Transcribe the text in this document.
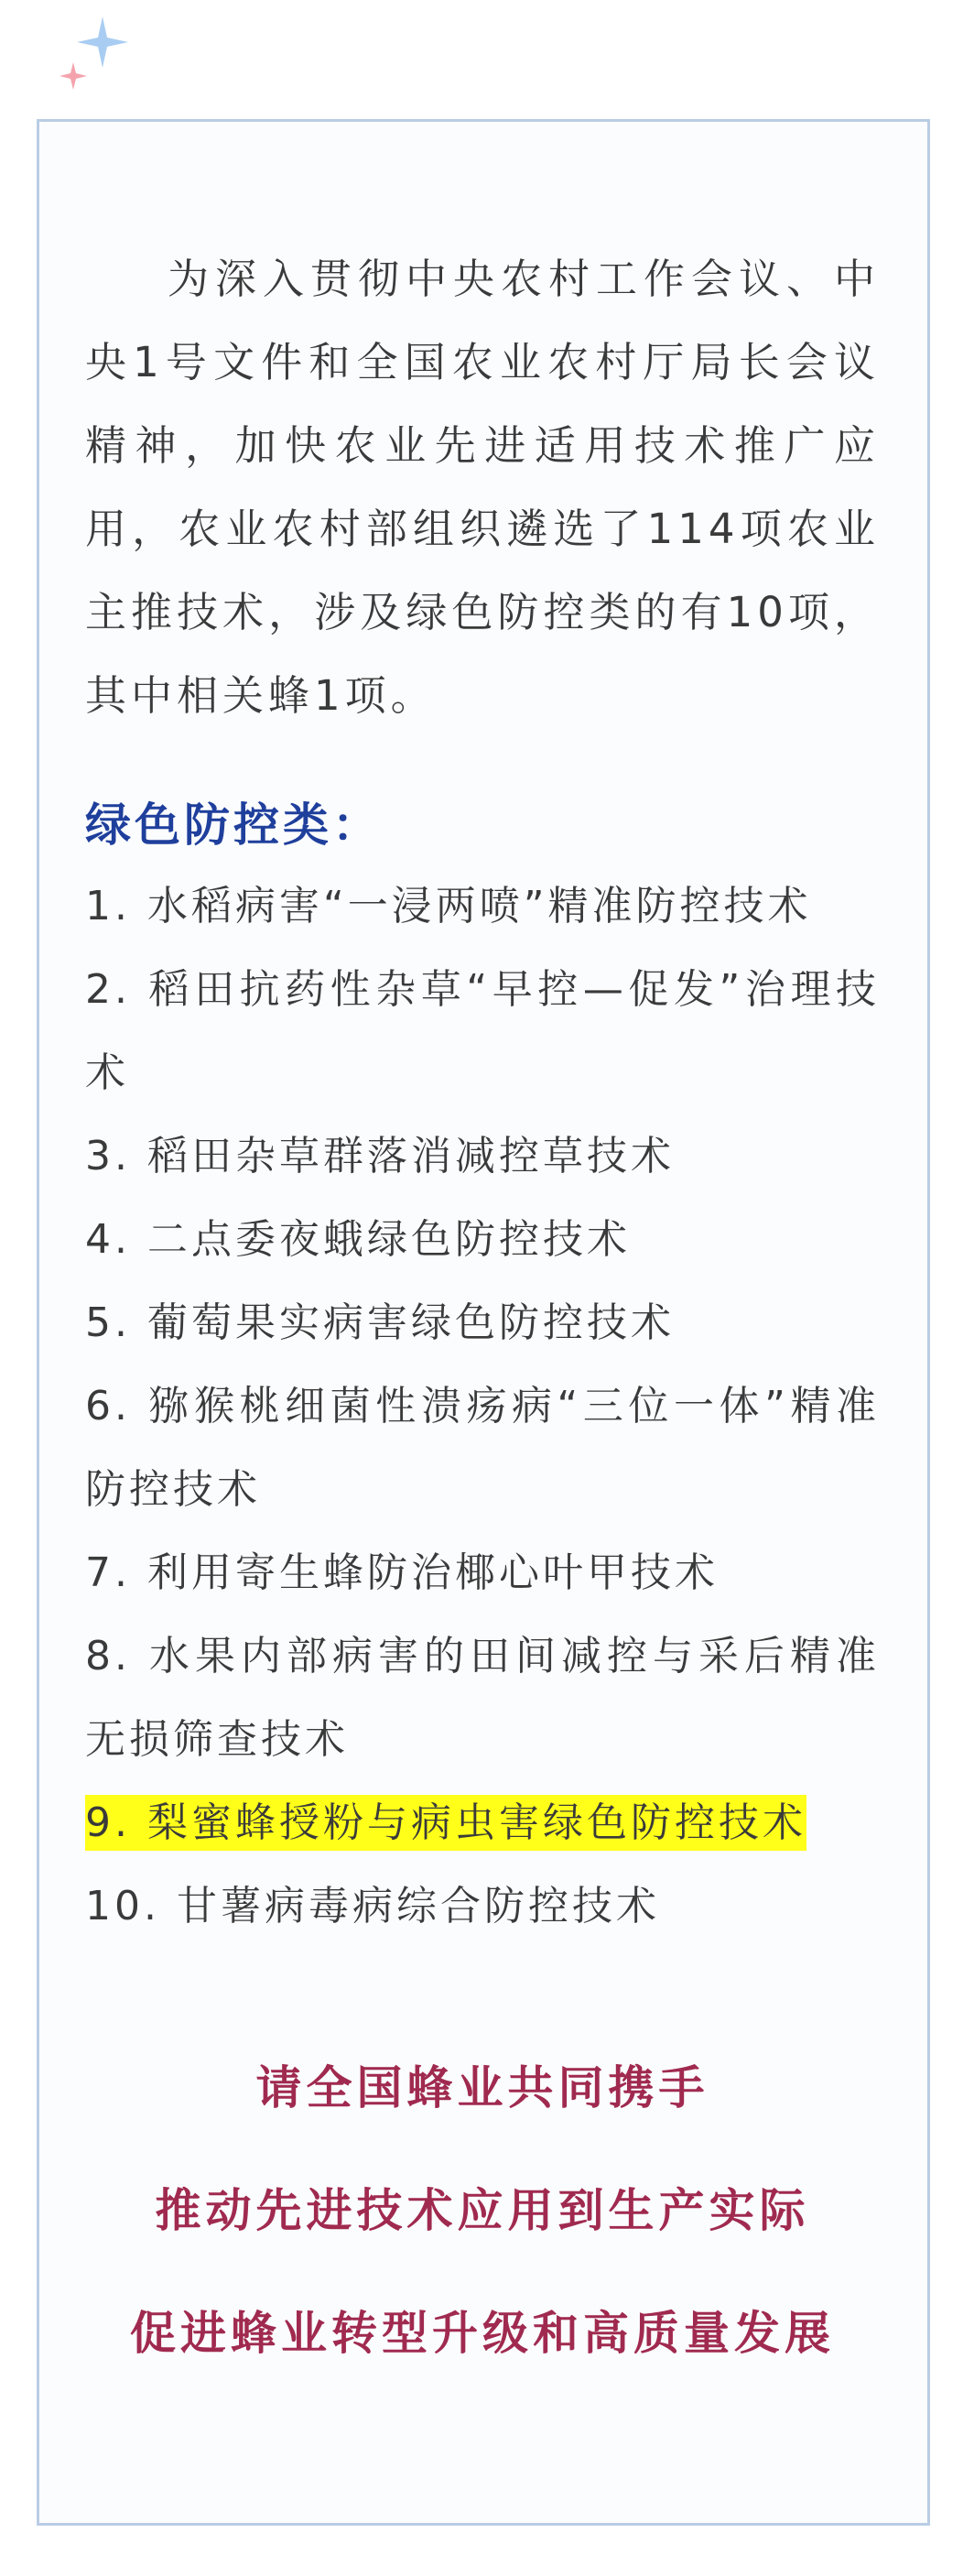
为深入贯彻中央农村工作会议、中央1号文件和全国农业农村厅局长会议精神，加快农业先进适用技术推广应用，农业农村部组织遴选了114项农业主推技术，涉及绿色防控类的有10项，其中相关蜂1项。

绿色防控类：
1. 水稻病害“一浸两喷”精准防控技术
2. 稻田抗药性杂草“早控—促发”治理技术
3. 稻田杂草群落消减控草技术
4. 二点委夜蛾绿色防控技术
5. 葡萄果实病害绿色防控技术
6. 猕猴桃细菌性溃疡病“三位一体”精准防控技术
7. 利用寄生蜂防治椰心叶甲技术
8. 水果内部病害的田间减控与采后精准无损筛查技术
9. 梨蜜蜂授粉与病虫害绿色防控技术
10. 甘薯病毒病综合防控技术
请全国蜂业共同携手
推动先进技术应用到生产实际
促进蜂业转型升级和高质量发展
